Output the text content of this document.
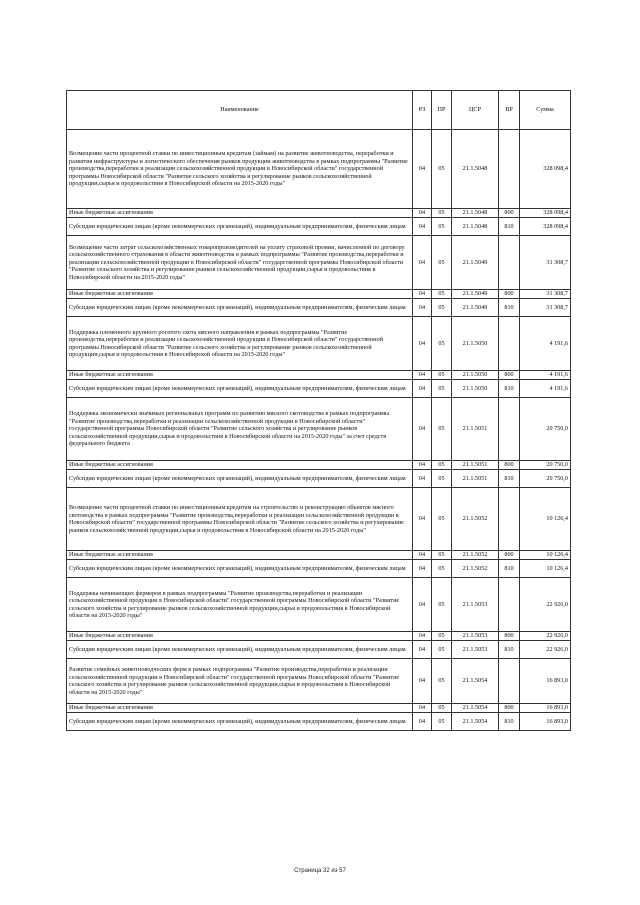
Наименование	РЗ	ПР	ЦСР	ВР	Сумма
Возмещение части процентной ставки по инвестиционным кредитам (займам) на развитие животноводства, переработки и развития инфраструктуры и логистического обеспечения рынков продукции животноводства в рамках подпрограммы "Развитие производства,переработки и реализации сельскохозяйственной продукции в Новосибирской области" государственной программы Новосибирской области "Развитие сельского хозяйства и регулирование рынков сельскохозяйственной продукции,сырья и продовольствия в Новосибирской области на 2015-2020 годы"	04	05	21.1.5048		328 098,4
Иные бюджетные ассигнования	04	05	21.1.5048	800	328 098,4
Субсидии юридическим лицам (кроме некоммерческих организаций), индивидуальным предпринимателям, физическим лицам	04	05	21.1.5048	810	328 098,4
Возмещение части затрат сельскохозяйственных товаропроизводителей на уплату страховой премии, начисленной по договору сельскохозяйственного страхования в области животноводства в рамках подпрограммы "Развитие производства,переработки и реализации сельскохозяйственной продукции в Новосибирской области" государственной программы Новосибирской области "Развитие сельского хозяйства и регулирование рынков сельскохозяйственной продукции,сырья и продовольствия в Новосибирской области на 2015-2020 годы"	04	05	21.1.5049		31 308,7
Иные бюджетные ассигнования	04	05	21.1.5049	800	31 308,7
Субсидии юридическим лицам (кроме некоммерческих организаций), индивидуальным предпринимателям, физическим лицам	04	05	21.1.5049	810	31 308,7
Поддержка племенного крупного рогатого скота мясного направления в рамках подпрограммы "Развитие производства,переработки и реализации сельскохозяйственной продукции в Новосибирской области" государственной программы Новосибирской области "Развитие сельского хозяйства и регулирование рынков сельскохозяйственной продукции,сырья и продовольствия в Новосибирской области на 2015-2020 годы"	04	05	21.1.5050		4 191,6
Иные бюджетные ассигнования	04	05	21.1.5050	800	4 191,6
Субсидии юридическим лицам (кроме некоммерческих организаций), индивидуальным предпринимателям, физическим лицам	04	05	21.1.5050	810	4 191,6
Поддержка экономически значимых региональных программ по развитию мясного скотоводства в рамках подпрограммы "Развитие производства,переработки и реализации сельскохозяйственной продукции в Новосибирской области" государственной программы Новосибирской области "Развитие сельского хозяйства и регулирование рынков сельскохозяйственной продукции,сырья и продовольствия в Новосибирской области на 2015-2020 годы" за счет средств федерального бюджета	04	05	21.1.5051		20 750,0
Иные бюджетные ассигнования	04	05	21.1.5051	800	20 750,0
Субсидии юридическим лицам (кроме некоммерческих организаций), индивидуальным предпринимателям, физическим лицам	04	05	21.1.5051	810	20 750,0
Возмещение части процентной ставки по инвестиционным кредитам на строительство и реконструкцию объектов мясного скотоводства в рамках подпрограммы "Развитие производства,переработки и реализации сельскохозяйственной продукции в Новосибирской области" государственной программы Новосибирской области "Развитие сельского хозяйства и регулирование рынков сельскохозяйственной продукции,сырья и продовольствия в Новосибирской области на 2015-2020 годы"	04	05	21.1.5052		10 126,4
Иные бюджетные ассигнования	04	05	21.1.5052	800	10 126,4
Субсидии юридическим лицам (кроме некоммерческих организаций), индивидуальным предпринимателям, физическим лицам	04	05	21.1.5052	810	10 126,4
Поддержка начинающих фермеров в рамках подпрограммы "Развитие производства,переработки и реализации сельскохозяйственной продукции в Новосибирской области" государственной программы Новосибирской области "Развитие сельского хозяйства и регулирование рынков сельскохозяйственной продукции,сырья и продовольствия в Новосибирской области на 2015-2020 годы"	04	05	21.1.5053		22 926,0
Иные бюджетные ассигнования	04	05	21.1.5053	800	22 926,0
Субсидии юридическим лицам (кроме некоммерческих организаций), индивидуальным предпринимателям, физическим лицам	04	05	21.1.5053	810	22 926,0
Развитие семейных животноводческих ферм в рамках подпрограммы "Развитие производства,переработки и реализации сельскохозяйственной продукции в Новосибирской области" государственной программы Новосибирской области "Развитие сельского хозяйства и регулирование рынков сельскохозяйственной продукции,сырья и продовольствия в Новосибирской области на 2015-2020 годы"	04	05	21.1.5054		16 893,0
Иные бюджетные ассигнования	04	05	21.1.5054	800	16 893,0
Субсидии юридическим лицам (кроме некоммерческих организаций), индивидуальным предпринимателям, физическим лицам	04	05	21.1.5054	810	16 893,0
Страница 32 из 57
